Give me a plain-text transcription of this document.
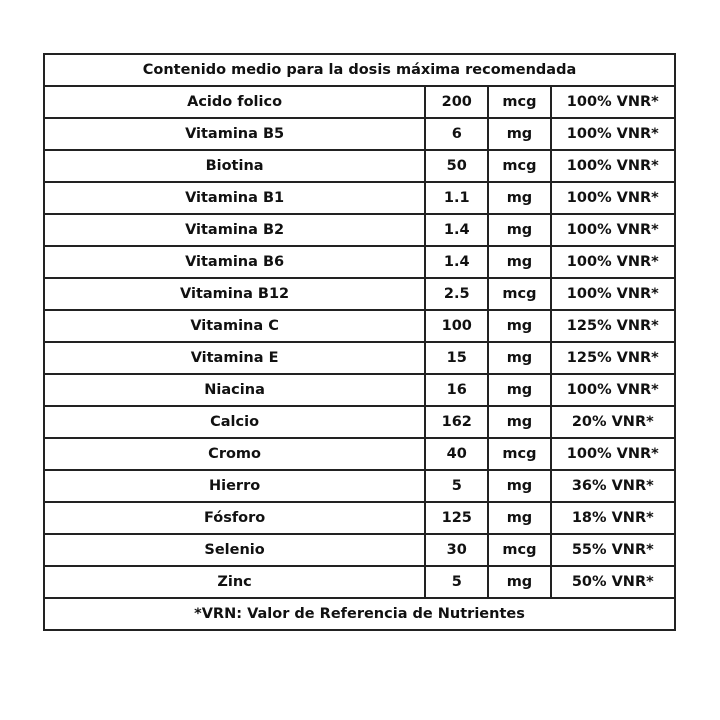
Contenido medio para la dosis máxima recomendada			
Acido folico	200	mcg	100% VNR*
Vitamina B5	6	mg	100% VNR*
Biotina	50	mcg	100% VNR*
Vitamina B1	1.1	mg	100% VNR*
Vitamina B2	1.4	mg	100% VNR*
Vitamina B6	1.4	mg	100% VNR*
Vitamina B12	2.5	mcg	100% VNR*
Vitamina C	100	mg	125% VNR*
Vitamina E	15	mg	125% VNR*
Niacina	16	mg	100% VNR*
Calcio	162	mg	20% VNR*
Cromo	40	mcg	100% VNR*
Hierro	5	mg	36% VNR*
Fósforo	125	mg	18% VNR*
Selenio	30	mcg	55% VNR*
Zinc	5	mg	50% VNR*
*VRN: Valor de Referencia de Nutrientes			
